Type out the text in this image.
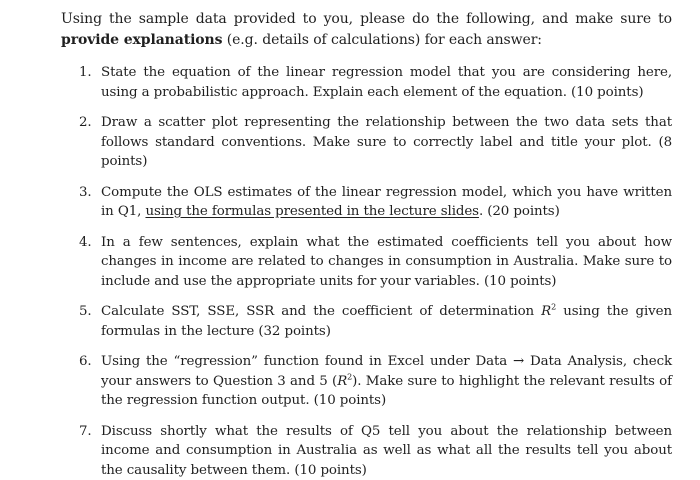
Using the sample data provided to you, please do the following, and make sure to provide explanations (e.g. details of calculations) for each answer:

1. State the equation of the linear regression model that you are considering here, using a probabilistic approach. Explain each element of the equation. (10 points)
2. Draw a scatter plot representing the relationship between the two data sets that follows standard conventions. Make sure to correctly label and title your plot. (8 points)
3. Compute the OLS estimates of the linear regression model, which you have written in Q1, using the formulas presented in the lecture slides. (20 points)
4. In a few sentences, explain what the estimated coefficients tell you about how changes in income are related to changes in consumption in Australia. Make sure to include and use the appropriate units for your variables. (10 points)
5. Calculate SST, SSE, SSR and the coefficient of determination $R^2$ using the given formulas in the lecture (32 points)
6. Using the “regression” function found in Excel under Data → Data Analysis, check your answers to Question 3 and 5 $(R^2)$. Make sure to highlight the relevant results of the regression function output. (10 points)
7. Discuss shortly what the results of Q5 tell you about the relationship between income and consumption in Australia as well as what all the results tell you about the causality between them. (10 points)
